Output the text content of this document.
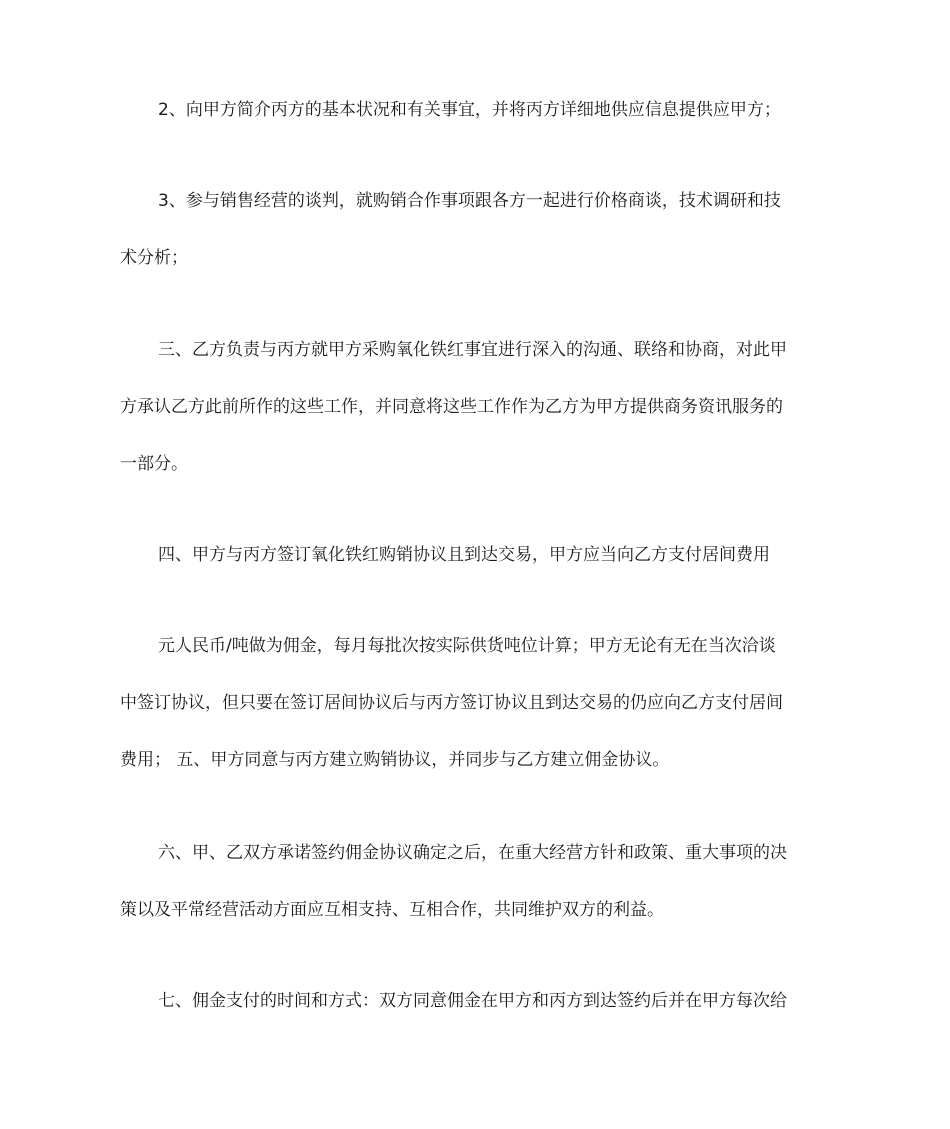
2、向甲方简介丙方的基本状况和有关事宜，并将丙方详细地供应信息提供应甲方；

3、参与销售经营的谈判，就购销合作事项跟各方一起进行价格商谈，技术调研和技

术分析；

三、乙方负责与丙方就甲方采购氧化铁红事宜进行深入的沟通、联络和协商，对此甲

方承认乙方此前所作的这些工作，并同意将这些工作作为乙方为甲方提供商务资讯服务的

一部分。

四、甲方与丙方签订氧化铁红购销协议且到达交易，甲方应当向乙方支付居间费用

元人民币/吨做为佣金，每月每批次按实际供货吨位计算；甲方无论有无在当次洽谈

中签订协议，但只要在签订居间协议后与丙方签订协议且到达交易的仍应向乙方支付居间

费用； 五、甲方同意与丙方建立购销协议，并同步与乙方建立佣金协议。

六、甲、乙双方承诺签约佣金协议确定之后，在重大经营方针和政策、重大事项的决

策以及平常经营活动方面应互相支持、互相合作，共同维护双方的利益。

七、佣金支付的时间和方式：双方同意佣金在甲方和丙方到达签约后并在甲方每次给
